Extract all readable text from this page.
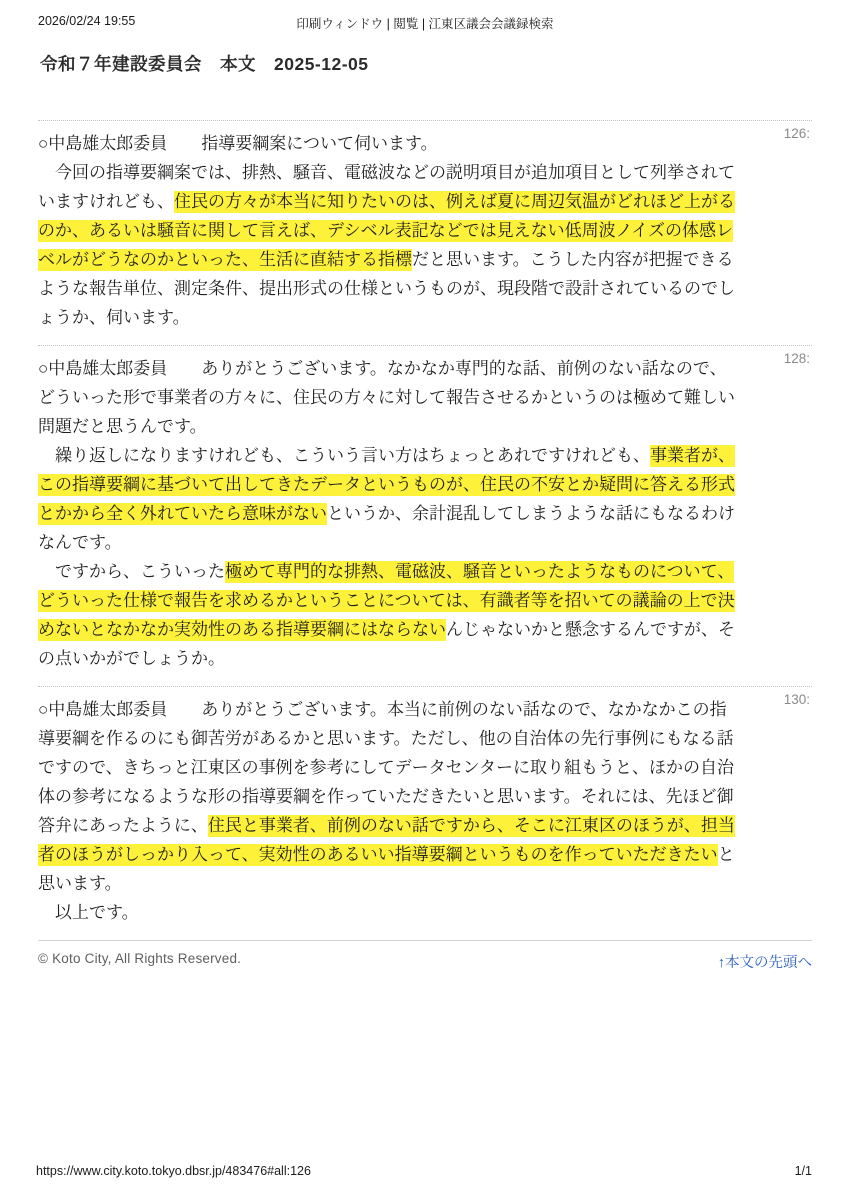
2026/02/24 19:55	印刷ウィンドウ | 閲覧 | 江東区議会会議録検索
令和７年建設委員会　本文　2025-12-05
126:

○中島雄太郎委員　　指導要綱案について伺います。

　今回の指導要綱案では、排熱、騒音、電磁波などの説明項目が追加項目として列挙されていますけれども、住民の方々が本当に知りたいのは、例えば夏に周辺気温がどれほど上がるのか、あるいは騒音に関して言えば、デシベル表記などでは見えない低周波ノイズの体感レベルがどうなのかといった、生活に直結する指標だと思います。こうした内容が把握できるような報告単位、測定条件、提出形式の仕様というものが、現段階で設計されているのでしょうか、伺います。

128:

○中島雄太郎委員　　ありがとうございます。なかなか専門的な話、前例のない話なので、どういった形で事業者の方々に、住民の方々に対して報告させるかというのは極めて難しい問題だと思うんです。

　繰り返しになりますけれども、こういう言い方はちょっとあれですけれども、事業者が、この指導要綱に基づいて出してきたデータというものが、住民の不安とか疑問に答える形式とかから全く外れていたら意味がないというか、余計混乱してしまうような話にもなるわけなんです。

　ですから、こういった極めて専門的な排熱、電磁波、騒音といったようなものについて、どういった仕様で報告を求めるかということについては、有識者等を招いての議論の上で決めないとなかなか実効性のある指導要綱にはならないんじゃないかと懸念するんですが、その点いかがでしょうか。

130:

○中島雄太郎委員　　ありがとうございます。本当に前例のない話なので、なかなかこの指導要綱を作るのにも御苦労があるかと思います。ただし、他の自治体の先行事例にもなる話ですので、きちっと江東区の事例を参考にしてデータセンターに取り組もうと、ほかの自治体の参考になるような形の指導要綱を作っていただきたいと思います。それには、先ほど御答弁にあったように、住民と事業者、前例のない話ですから、そこに江東区のほうが、担当者のほうがしっかり入って、実効性のあるいい指導要綱というものを作っていただきたいと思います。

　以上です。

© Koto City, All Rights Reserved.	↑本文の先頭へ
https://www.city.koto.tokyo.dbsr.jp/483476#all:126	1/1
